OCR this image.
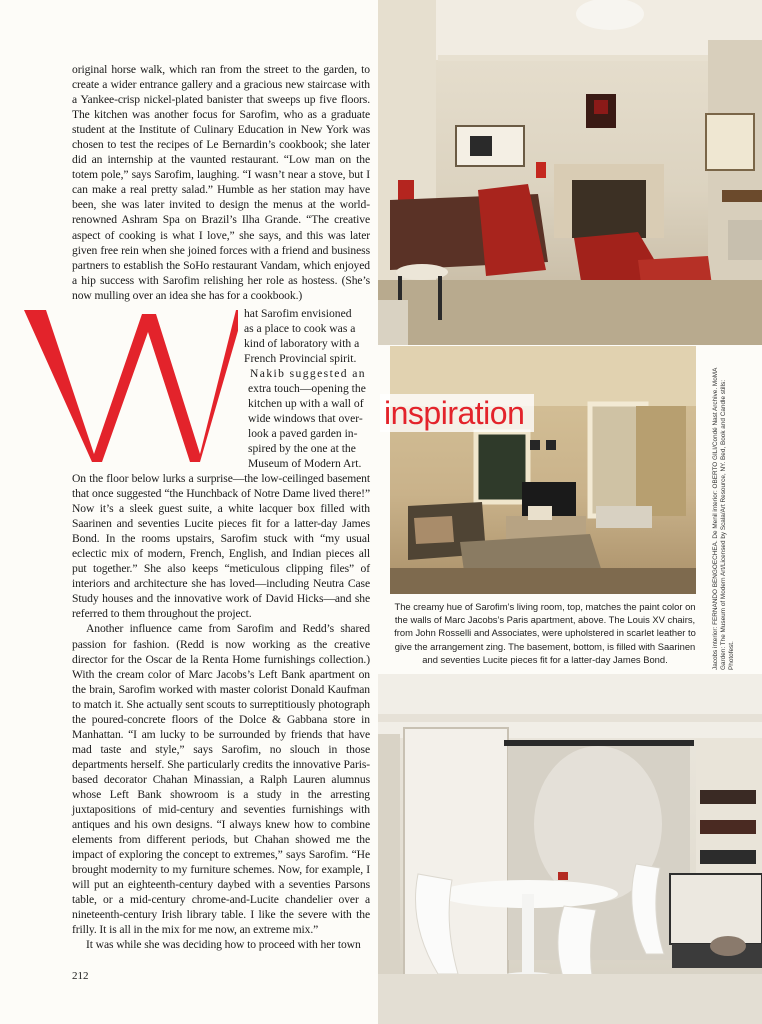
original horse walk, which ran from the street to the garden, to create a wider entrance gallery and a gracious new staircase with a Yankee-crisp nickel-plated banister that sweeps up five floors. The kitchen was another focus for Sarofim, who as a graduate student at the Institute of Culinary Education in New York was chosen to test the recipes of Le Bernardin’s cookbook; she later did an internship at the vaunted restaurant. “Low man on the totem pole,” says Sarofim, laughing. “I wasn’t near a stove, but I can make a real pretty salad.” Humble as her station may have been, she was later invited to design the menus at the world-renowned Ashram Spa on Brazil’s Ilha Grande. “The creative aspect of cooking is what I love,” she says, and this was later given free rein when she joined forces with a friend and business partners to establish the SoHo restaurant Vandam, which enjoyed a hip success with Sarofim relishing her role as hostess. (She’s now mulling over an idea she has for a cookbook.)

hat Sarofim envisioned
as a place to cook was a
kind of laboratory with a
French Provincial spirit.
Nakib suggested an
extra touch—opening the
kitchen up with a wall of
wide windows that over-
look a paved garden in-
spired by the one at the
Museum of Modern Art.

On the floor below lurks a surprise—the low-ceilinged basement that once suggested “the Hunchback of Notre Dame lived there!” Now it’s a sleek guest suite, a white lacquer box filled with Saarinen and seventies Lucite pieces fit for a latter-day James Bond. In the rooms upstairs, Sarofim stuck with “my usual eclectic mix of modern, French, English, and Indian pieces all put together.” She also keeps “meticulous clipping files” of interiors and architecture she has loved—including Neutra Case Study houses and the innovative work of David Hicks—and she referred to them throughout the project.

Another influence came from Sarofim and Redd’s shared passion for fashion. (Redd is now working as the creative director for the Oscar de la Renta Home furnishings collection.) With the cream color of Marc Jacobs’s Left Bank apartment on the brain, Sarofim worked with master colorist Donald Kaufman to match it. She actually sent scouts to surreptitiously photograph the poured-concrete floors of the Dolce & Gabbana store in Manhattan. “I am lucky to be surrounded by friends that have mad taste and style,” says Sarofim, no slouch in those departments herself. She particularly credits the innovative Paris-based decorator Chahan Minassian, a Ralph Lauren alumnus whose Left Bank showroom is a study in the arresting juxtapositions of mid-century and seventies furnishings with antiques and his own designs. “I always knew how to combine elements from different periods, but Chahan showed me the impact of exploring the concept to extremes,” says Sarofim. “He brought modernity to my furniture schemes. Now, for example, I will put an eighteenth-century daybed with a seventies Parsons table, or a mid-century chrome-and-Lucite chandelier over a nineteenth-century Irish library table. I like the severe with the frilly. It is all in the mix for me now, an extreme mix.”

It was while she was deciding how to proceed with her town

212
inspiration
The creamy hue of Sarofim’s living room, top, matches the paint color on the walls of Marc Jacobs’s Paris apartment, above. The Louis XV chairs, from John Rosselli and Associates, were upholstered in scarlet leather to give the arrangement zing. The basement, bottom, is filled with Saarinen and seventies Lucite pieces fit for a latter-day James Bond.	Jacobs interior: FERNANDO BENGOECHEA. De Menil interior: OBERTO GILI/Condé Nast Archive. MoMA Garden: The Museum of Modern Art/Licensed by Scala/Art Resource, NY. Bed, Book and Candle stills: Photofest.
